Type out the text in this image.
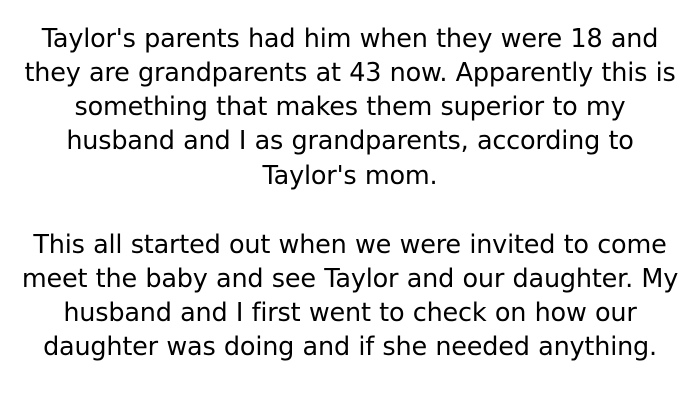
Taylor's parents had him when they were 18 and they are grandparents at 43 now. Apparently this is something that makes them superior to my husband and I as grandparents, according to Taylor's mom.

This all started out when we were invited to come meet the baby and see Taylor and our daughter. My husband and I first went to check on how our daughter was doing and if she needed anything.
